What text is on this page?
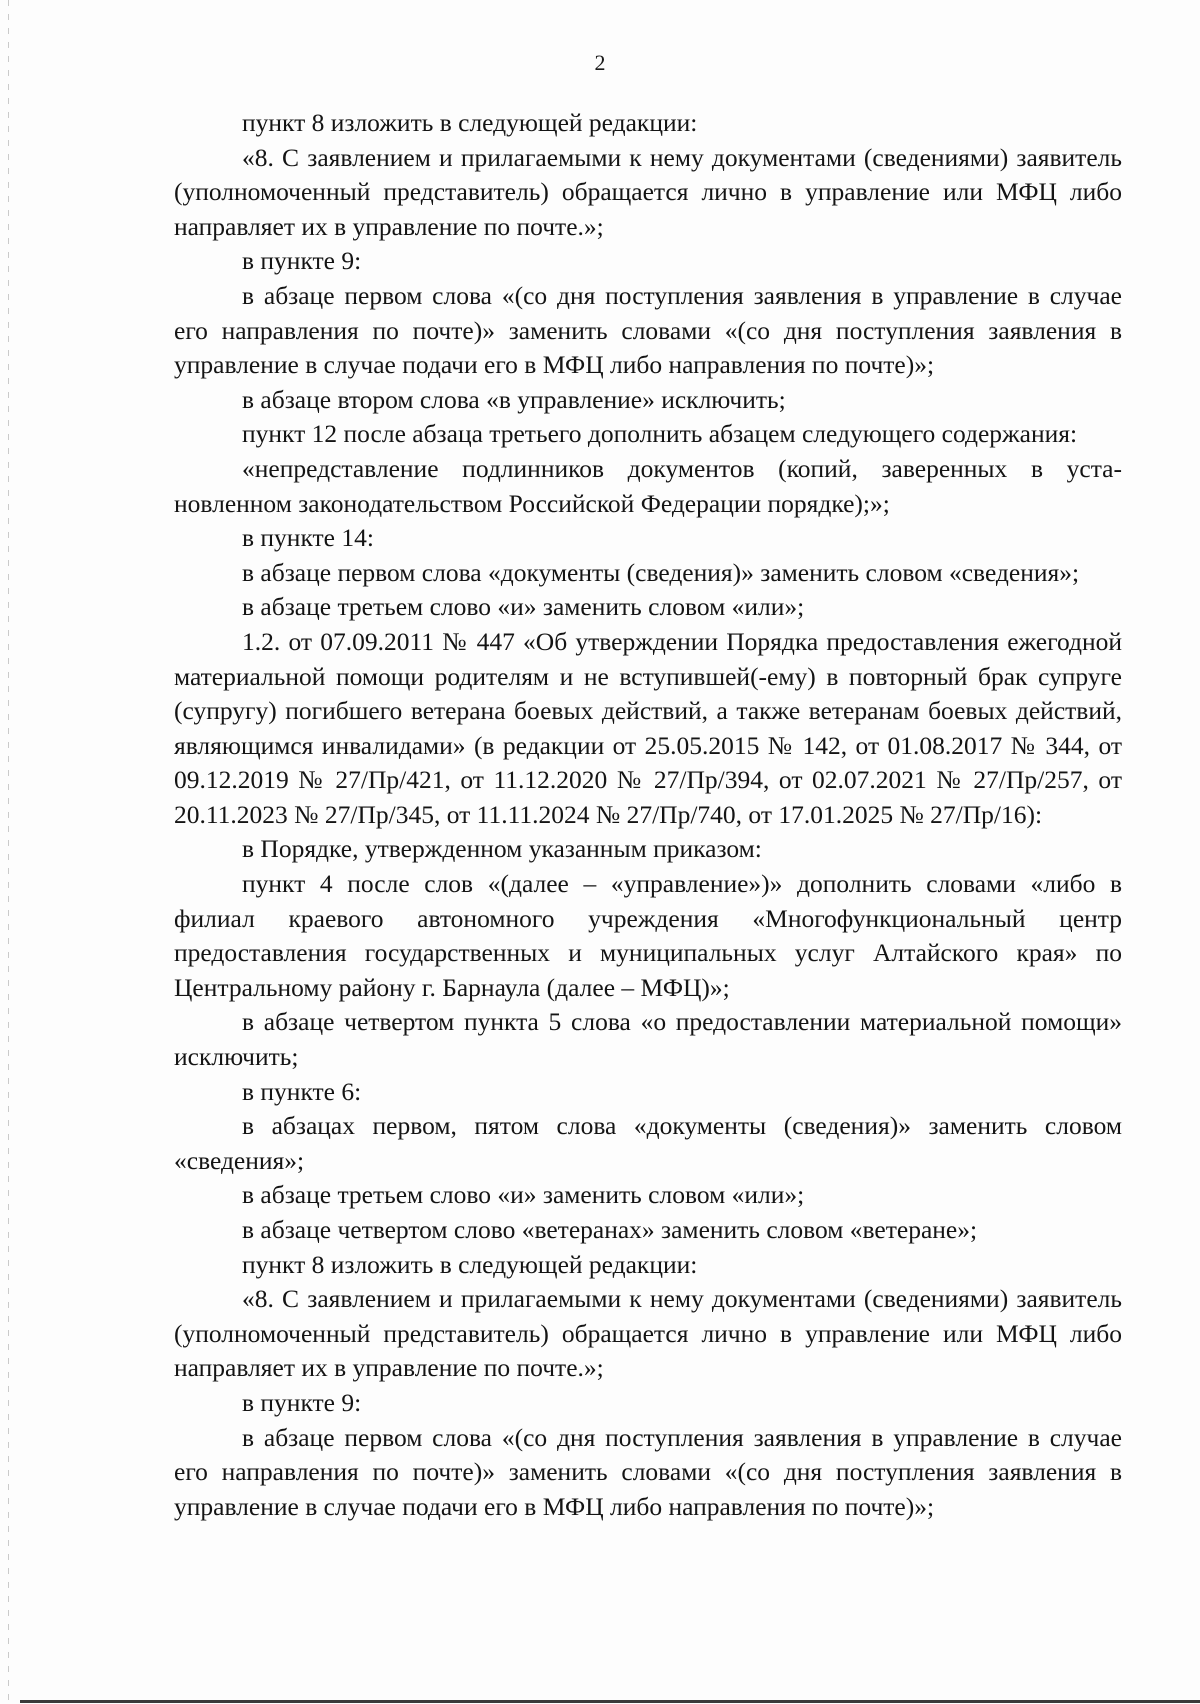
2

пункт 8 изложить в следующей редакции:

«8. С заявлением и прилагаемыми к нему документами (сведениями) заявитель (уполномоченный представитель) обращается лично в управление или МФЦ либо направляет их в управление по почте.»;

в пункте 9:

в абзаце первом слова «(со дня поступления заявления в управление в случае его направления по почте)» заменить словами «(со дня поступления заявления в управление в случае подачи его в МФЦ либо направления по почте)»;

в абзаце втором слова «в управление» исключить;

пункт 12 после абзаца третьего дополнить абзацем следующего содержания:

«непредставление подлинников документов (копий, заверенных в установленном законодательством Российской Федерации порядке);»;

в пункте 14:

в абзаце первом слова «документы (сведения)» заменить словом «сведения»;

в абзаце третьем слово «и» заменить словом «или»;

1.2. от 07.09.2011 № 447 «Об утверждении Порядка предоставления ежегодной материальной помощи родителям и не вступившей(-ему) в повторный брак супруге (супругу) погибшего ветерана боевых действий, а также ветеранам боевых действий, являющимся инвалидами» (в редакции от 25.05.2015 № 142, от 01.08.2017 № 344, от 09.12.2019 № 27/Пр/421, от 11.12.2020 № 27/Пр/394, от 02.07.2021 № 27/Пр/257, от 20.11.2023 № 27/Пр/345, от 11.11.2024 № 27/Пр/740, от 17.01.2025 № 27/Пр/16):

в Порядке, утвержденном указанным приказом:

пункт 4 после слов «(далее – «управление»)» дополнить словами «либо в филиал краевого автономного учреждения «Многофункциональный центр предоставления государственных и муниципальных услуг Алтайского края» по Центральному району г. Барнаула (далее – МФЦ)»;

в абзаце четвертом пункта 5 слова «о предоставлении материальной помощи» исключить;

в пункте 6:

в абзацах первом, пятом слова «документы (сведения)» заменить словом «сведения»;

в абзаце третьем слово «и» заменить словом «или»;

в абзаце четвертом слово «ветеранах» заменить словом «ветеране»;

пункт 8 изложить в следующей редакции:

«8. С заявлением и прилагаемыми к нему документами (сведениями) заявитель (уполномоченный представитель) обращается лично в управление или МФЦ либо направляет их в управление по почте.»;

в пункте 9:

в абзаце первом слова «(со дня поступления заявления в управление в случае его направления по почте)» заменить словами «(со дня поступления заявления в управление в случае подачи его в МФЦ либо направления по почте)»;
